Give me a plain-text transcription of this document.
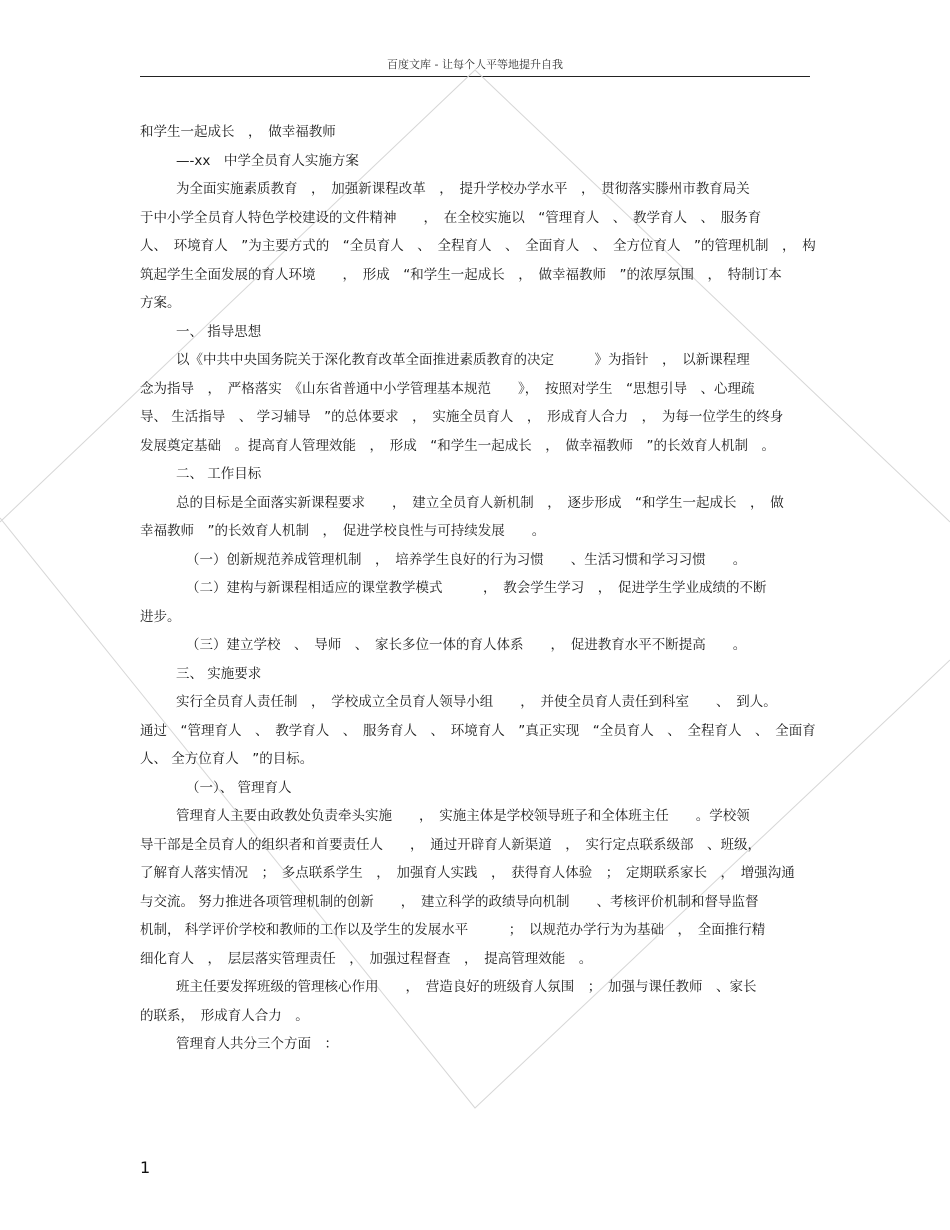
百度文库 - 让每个人平等地提升自我

和学生一起成长　，　做幸福教师

—-xx　中学全员育人实施方案

为全面实施素质教育　，　加强新课程改革　，　提升学校办学水平　，　贯彻落实滕州市教育局关

于中小学全员育人特色学校建设的文件精神　　，　在全校实施以　“管理育人　、　教学育人　、　服务育

人、　环境育人　”为主要方式的　“全员育人　、　全程育人　、　全面育人　、　全方位育人　”的管理机制　，　构

筑起学生全面发展的育人环境　　，　形成　“和学生一起成长　，　做幸福教师　”的浓厚氛围　，　特制订本

方案。

一、 指导思想

以《中共中央国务院关于深化教育改革全面推进素质教育的决定　　　》为指针　，　以新课程理

念为指导　，　严格落实　《山东省普通中小学管理基本规范　　》，　按照对学生　“思想引导　、心理疏

导、 生活指导　、 学习辅导　”的总体要求　，　实施全员育人　，　形成育人合力　，　为每一位学生的终身

发展奠定基础　。提高育人管理效能　，　形成　“和学生一起成长　，　做幸福教师　”的长效育人机制　。

二、 工作目标

总的目标是全面落实新课程要求　　，　建立全员育人新机制　，　逐步形成　“和学生一起成长　，　做

幸福教师　”的长效育人机制　，　促进学校良性与可持续发展　　。

（一）创新规范养成管理机制　，　培养学生良好的行为习惯　　、生活习惯和学习习惯　　。

（二）建构与新课程相适应的课堂教学模式　　　，　教会学生学习　，　促进学生学业成绩的不断

进步。

（三）建立学校　、　导师　、　家长多位一体的育人体系　　，　促进教育水平不断提高　　。

三、 实施要求

实行全员育人责任制　，　学校成立全员育人领导小组　　，　并使全员育人责任到科室　　、　到人。

通过　“管理育人　、　教学育人　、　服务育人　、　环境育人　”真正实现　“全员育人　、　全程育人　、　全面育

人、 全方位育人　”的目标。

（一）、 管理育人

管理育人主要由政教处负责牵头实施　　，　实施主体是学校领导班子和全体班主任　　。学校领

导干部是全员育人的组织者和首要责任人　　，　通过开辟育人新渠道　，　实行定点联系级部　、班级，

了解育人落实情况　；　多点联系学生　，　加强育人实践　，　获得育人体验　；　定期联系家长　，　增强沟通

与交流。 努力推进各项管理机制的创新　　，　建立科学的政绩导向机制　　、考核评价机制和督导监督

机制， 科学评价学校和教师的工作以及学生的发展水平　　　；　以规范办学行为为基础　，　全面推行精

细化育人　，　层层落实管理责任　，　加强过程督查　，　提高管理效能　。

班主任要发挥班级的管理核心作用　　，　营造良好的班级育人氛围　；　加强与课任教师　、家长

的联系，　形成育人合力　。

管理育人共分三个方面　：

1
